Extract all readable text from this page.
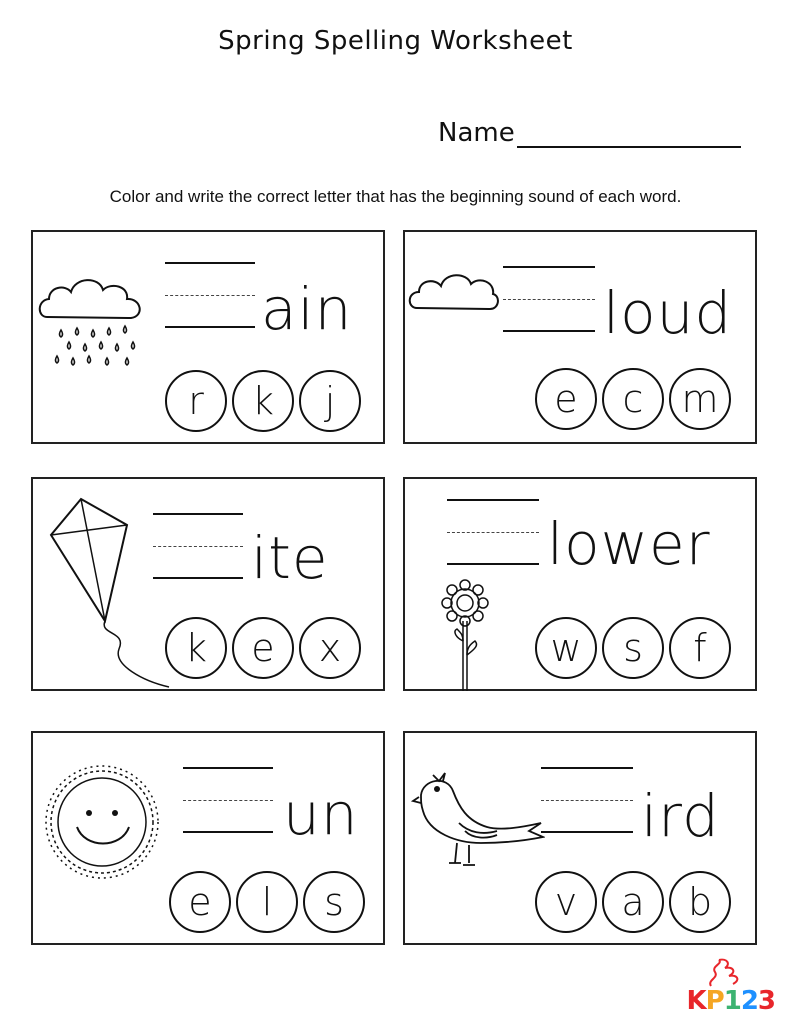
Spring Spelling Worksheet
Name
Color and write the correct letter that has the beginning sound of each word.
ain
r	k	j
loud
e	c	m
ite
k	e	x
lower
w	s	f
un
e	l	s
ird
v	a	b
KP123
